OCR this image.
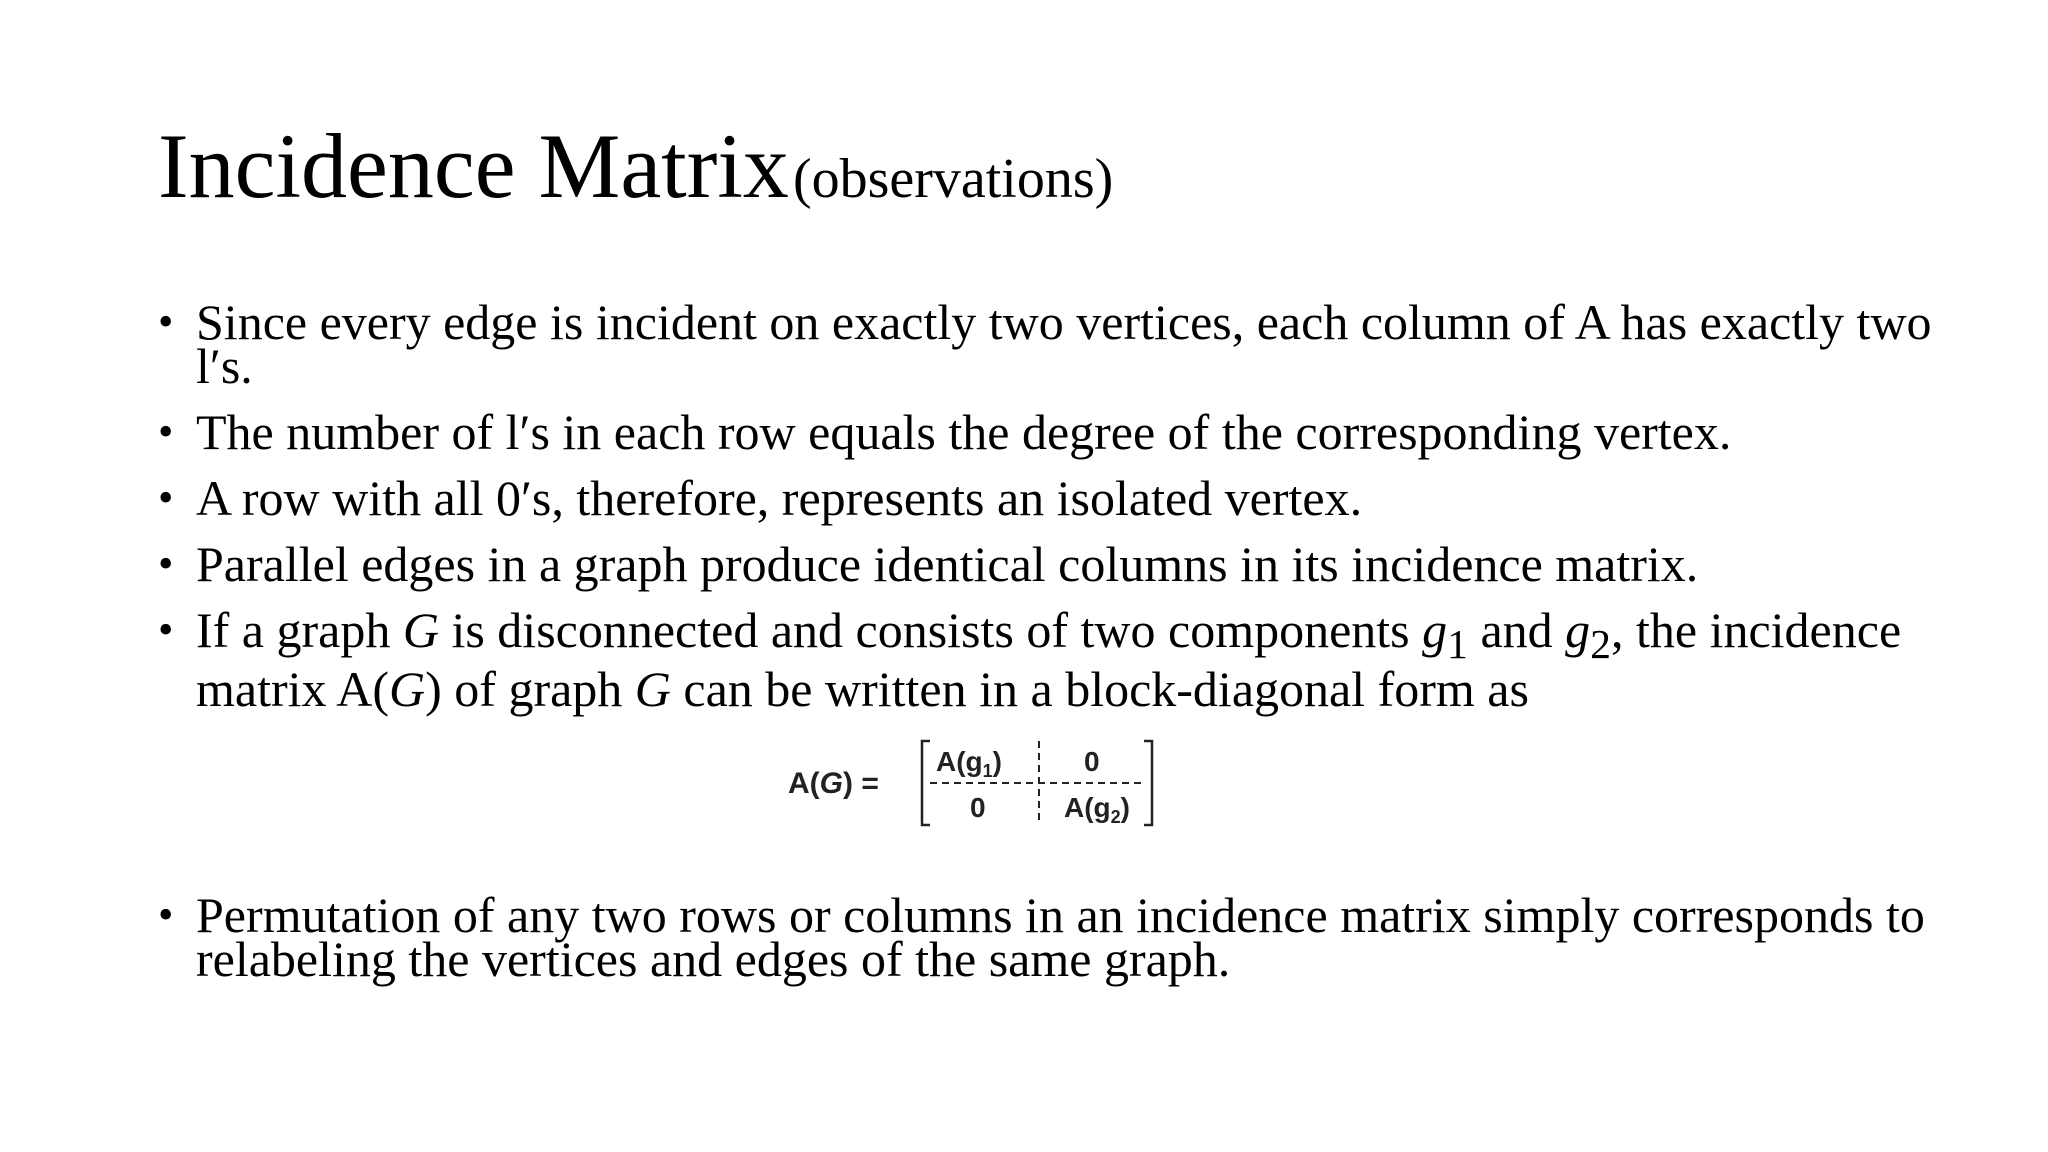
Incidence Matrix (observations)
• Since every edge is incident on exactly two vertices, each column of A has exactly two l′s.
• The number of l′s in each row equals the degree of the corresponding vertex.
• A row with all 0′s, therefore, represents an isolated vertex.
• Parallel edges in a graph produce identical columns in its incidence matrix.
• If a graph G is disconnected and consists of two components $g_1$ and $g_2$, the incidence matrix A(G) of graph G can be written in a block-diagonal form as
A(G) =
$A(g_1)$	0
0	$A(g_2)$
• Permutation of any two rows or columns in an incidence matrix simply corresponds to relabeling the vertices and edges of the same graph.
